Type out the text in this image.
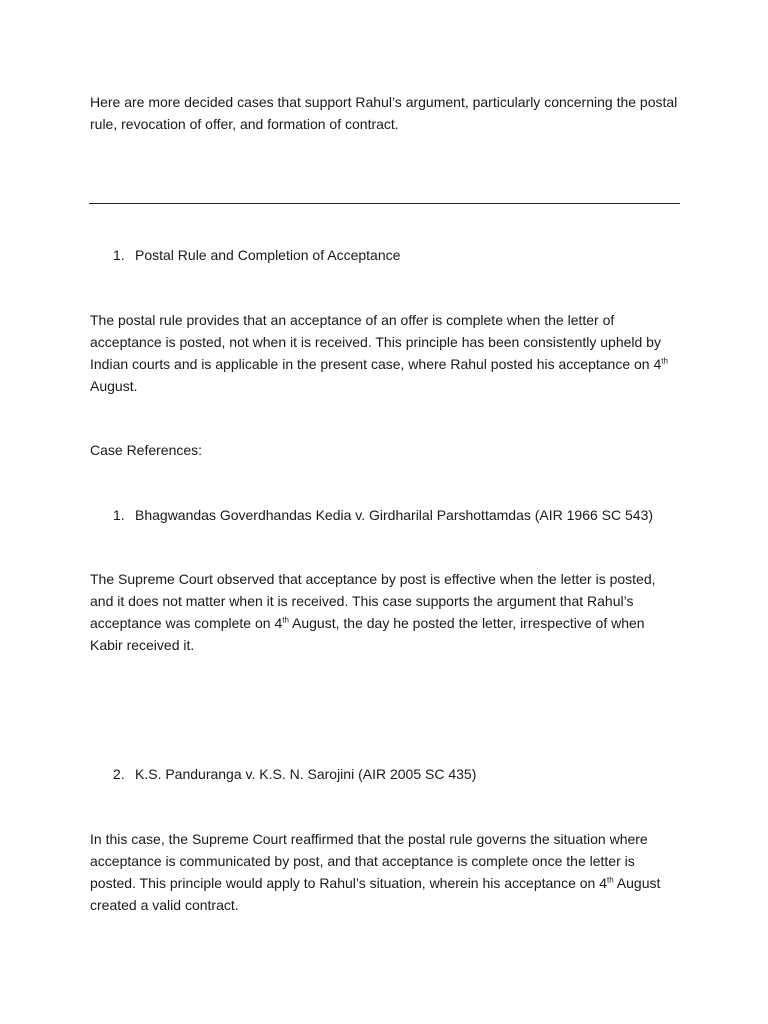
Here are more decided cases that support Rahul’s argument, particularly concerning the postal rule, revocation of offer, and formation of contract.

1. Postal Rule and Completion of Acceptance

The postal rule provides that an acceptance of an offer is complete when the letter of acceptance is posted, not when it is received. This principle has been consistently upheld by Indian courts and is applicable in the present case, where Rahul posted his acceptance on 4th August.

Case References:

1. Bhagwandas Goverdhandas Kedia v. Girdharilal Parshottamdas (AIR 1966 SC 543)

The Supreme Court observed that acceptance by post is effective when the letter is posted, and it does not matter when it is received. This case supports the argument that Rahul’s acceptance was complete on 4th August, the day he posted the letter, irrespective of when Kabir received it.

2. K.S. Panduranga v. K.S. N. Sarojini (AIR 2005 SC 435)

In this case, the Supreme Court reaffirmed that the postal rule governs the situation where acceptance is communicated by post, and that acceptance is complete once the letter is posted. This principle would apply to Rahul’s situation, wherein his acceptance on 4th August created a valid contract.
